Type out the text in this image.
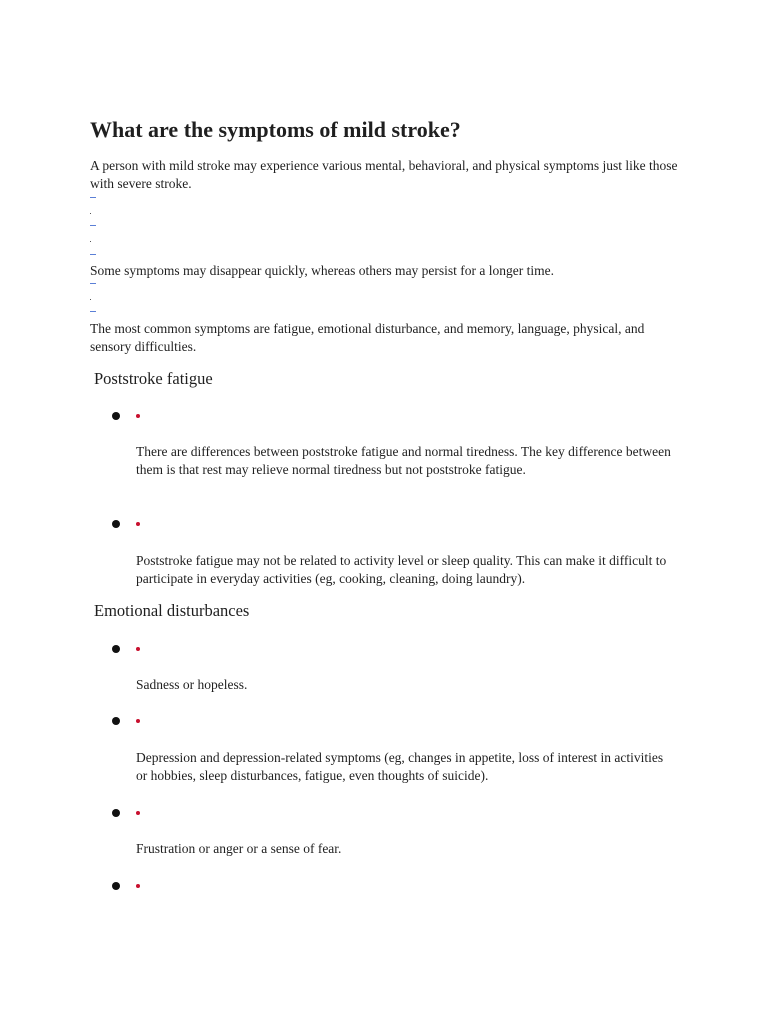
What are the symptoms of mild stroke?
A person with mild stroke may experience various mental, behavioral, and physical symptoms just like those with severe stroke.
Some symptoms may disappear quickly, whereas others may persist for a longer time.
The most common symptoms are fatigue, emotional disturbance, and memory, language, physical, and sensory difficulties.
Poststroke fatigue
There are differences between poststroke fatigue and normal tiredness. The key difference between them is that rest may relieve normal tiredness but not poststroke fatigue.
Poststroke fatigue may not be related to activity level or sleep quality. This can make it difficult to participate in everyday activities (eg, cooking, cleaning, doing laundry).
Emotional disturbances
Sadness or hopeless.
Depression and depression-related symptoms (eg, changes in appetite, loss of interest in activities or hobbies, sleep disturbances, fatigue, even thoughts of suicide).
Frustration or anger or a sense of fear.
